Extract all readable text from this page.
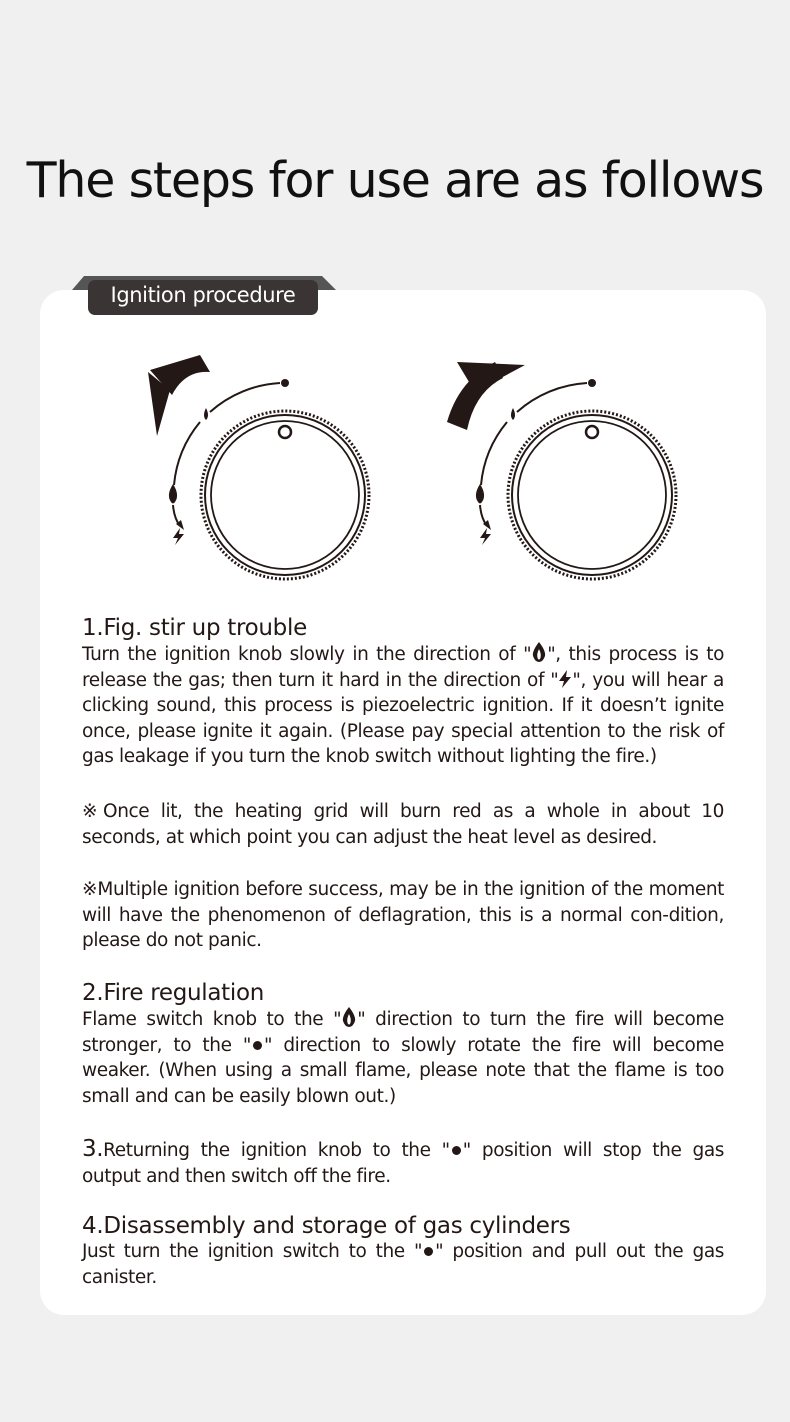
The steps for use are as follows
Ignition procedure
1.Fig. stir up trouble

Turn the ignition knob slowly in the direction of " ", this process is to release the gas; then turn it hard in the direction of " ", you will hear a clicking sound, this process is piezoelectric ignition. If it doesn’t ignite once, please ignite it again. (Please pay special attention to the risk of gas leakage if you turn the knob switch without lighting the fire.)

※Once lit, the heating grid will burn red as a whole in about 10 seconds, at which point you can adjust the heat level as desired.

※Multiple ignition before success, may be in the ignition of the moment will have the phenomenon of deflagration, this is a normal con-dition, please do not panic.

2.Fire regulation

Flame switch knob to the " " direction to turn the fire will become stronger, to the " " direction to slowly rotate the fire will become weaker. (When using a small flame, please note that the flame is too small and can be easily blown out.)

3.Returning the ignition knob to the " " position will stop the gas output and then switch off the fire.

4.Disassembly and storage of gas cylinders

Just turn the ignition switch to the " " position and pull out the gas canister.
